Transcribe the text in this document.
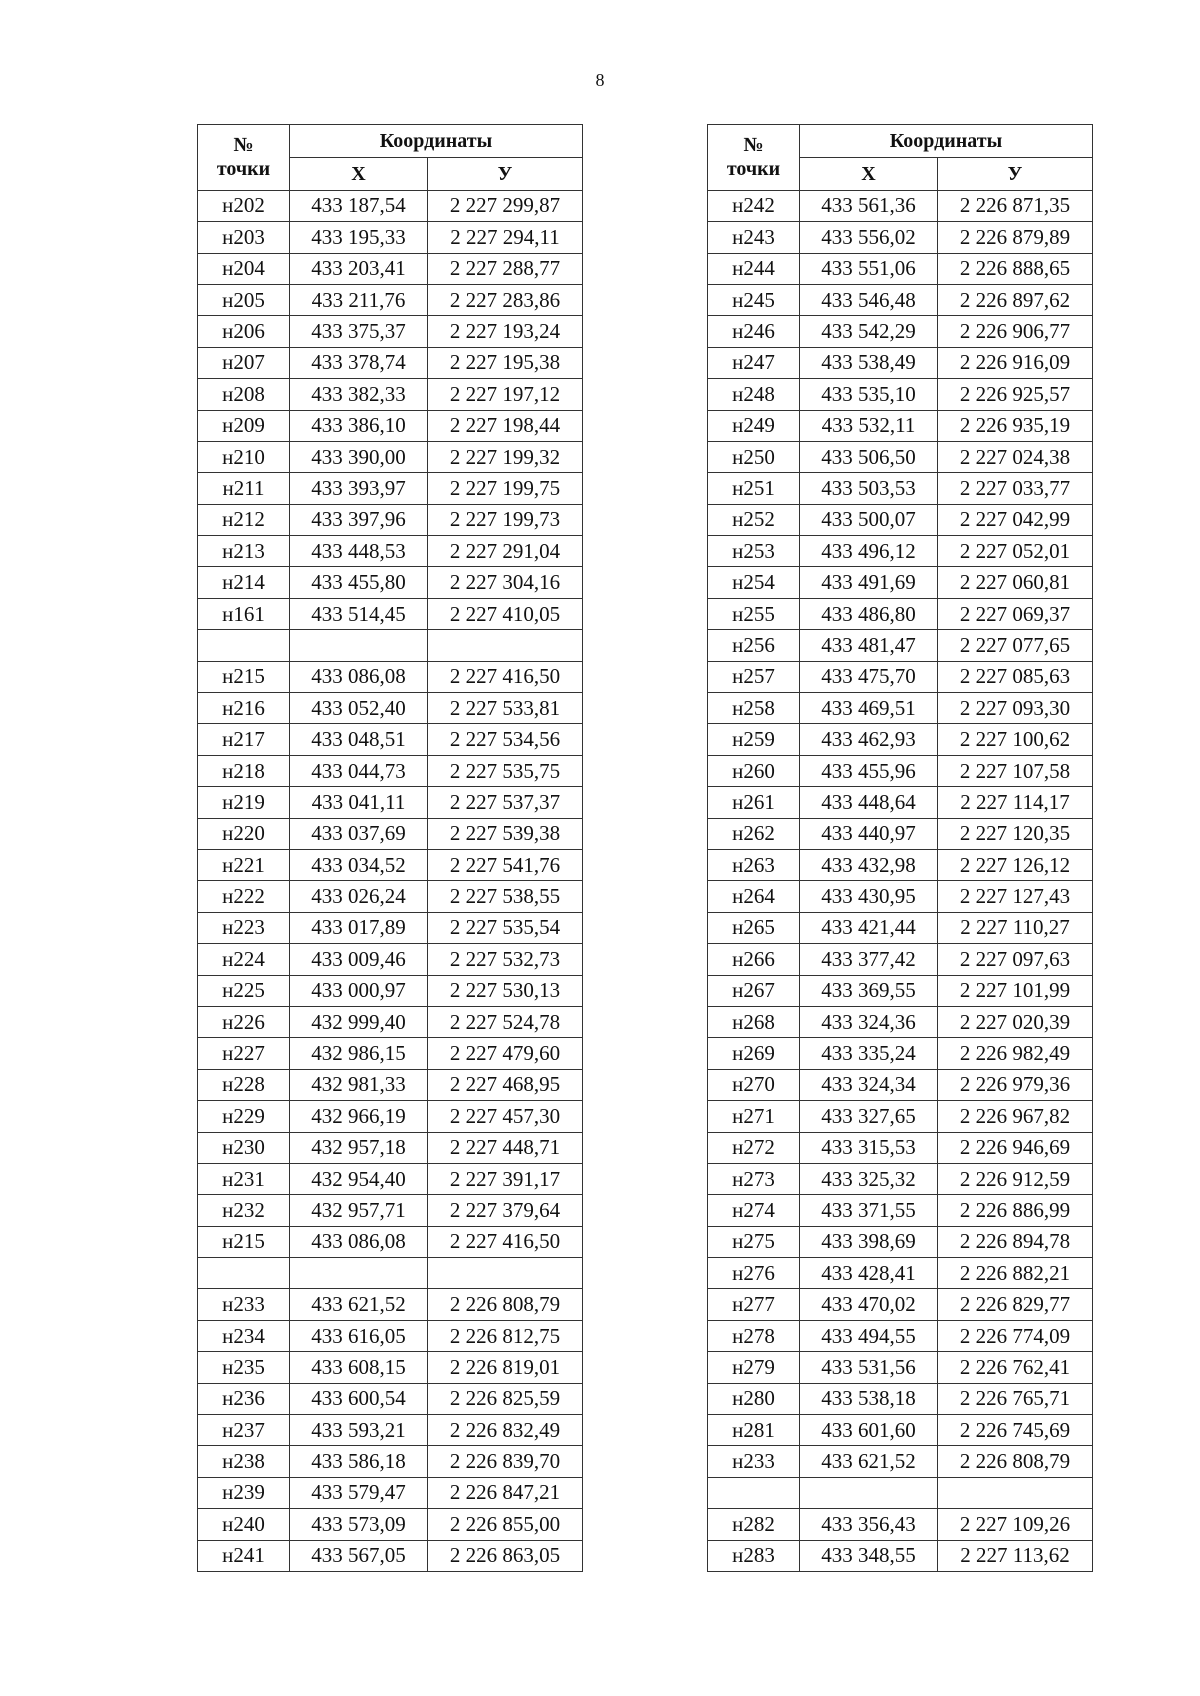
8
№	Координаты	
точки	X	У
н202	433 187,54	2 227 299,87
н203	433 195,33	2 227 294,11
н204	433 203,41	2 227 288,77
н205	433 211,76	2 227 283,86
н206	433 375,37	2 227 193,24
н207	433 378,74	2 227 195,38
н208	433 382,33	2 227 197,12
н209	433 386,10	2 227 198,44
н210	433 390,00	2 227 199,32
н211	433 393,97	2 227 199,75
н212	433 397,96	2 227 199,73
н213	433 448,53	2 227 291,04
н214	433 455,80	2 227 304,16
н161	433 514,45	2 227 410,05

н215	433 086,08	2 227 416,50
н216	433 052,40	2 227 533,81
н217	433 048,51	2 227 534,56
н218	433 044,73	2 227 535,75
н219	433 041,11	2 227 537,37
н220	433 037,69	2 227 539,38
н221	433 034,52	2 227 541,76
н222	433 026,24	2 227 538,55
н223	433 017,89	2 227 535,54
н224	433 009,46	2 227 532,73
н225	433 000,97	2 227 530,13
н226	432 999,40	2 227 524,78
н227	432 986,15	2 227 479,60
н228	432 981,33	2 227 468,95
н229	432 966,19	2 227 457,30
н230	432 957,18	2 227 448,71
н231	432 954,40	2 227 391,17
н232	432 957,71	2 227 379,64
н215	433 086,08	2 227 416,50

н233	433 621,52	2 226 808,79
н234	433 616,05	2 226 812,75
н235	433 608,15	2 226 819,01
н236	433 600,54	2 226 825,59
н237	433 593,21	2 226 832,49
н238	433 586,18	2 226 839,70
н239	433 579,47	2 226 847,21
н240	433 573,09	2 226 855,00
н241	433 567,05	2 226 863,05
№	Координаты	
точки	X	У
н242	433 561,36	2 226 871,35
н243	433 556,02	2 226 879,89
н244	433 551,06	2 226 888,65
н245	433 546,48	2 226 897,62
н246	433 542,29	2 226 906,77
н247	433 538,49	2 226 916,09
н248	433 535,10	2 226 925,57
н249	433 532,11	2 226 935,19
н250	433 506,50	2 227 024,38
н251	433 503,53	2 227 033,77
н252	433 500,07	2 227 042,99
н253	433 496,12	2 227 052,01
н254	433 491,69	2 227 060,81
н255	433 486,80	2 227 069,37
н256	433 481,47	2 227 077,65
н257	433 475,70	2 227 085,63
н258	433 469,51	2 227 093,30
н259	433 462,93	2 227 100,62
н260	433 455,96	2 227 107,58
н261	433 448,64	2 227 114,17
н262	433 440,97	2 227 120,35
н263	433 432,98	2 227 126,12
н264	433 430,95	2 227 127,43
н265	433 421,44	2 227 110,27
н266	433 377,42	2 227 097,63
н267	433 369,55	2 227 101,99
н268	433 324,36	2 227 020,39
н269	433 335,24	2 226 982,49
н270	433 324,34	2 226 979,36
н271	433 327,65	2 226 967,82
н272	433 315,53	2 226 946,69
н273	433 325,32	2 226 912,59
н274	433 371,55	2 226 886,99
н275	433 398,69	2 226 894,78
н276	433 428,41	2 226 882,21
н277	433 470,02	2 226 829,77
н278	433 494,55	2 226 774,09
н279	433 531,56	2 226 762,41
н280	433 538,18	2 226 765,71
н281	433 601,60	2 226 745,69
н233	433 621,52	2 226 808,79

н282	433 356,43	2 227 109,26
н283	433 348,55	2 227 113,62
